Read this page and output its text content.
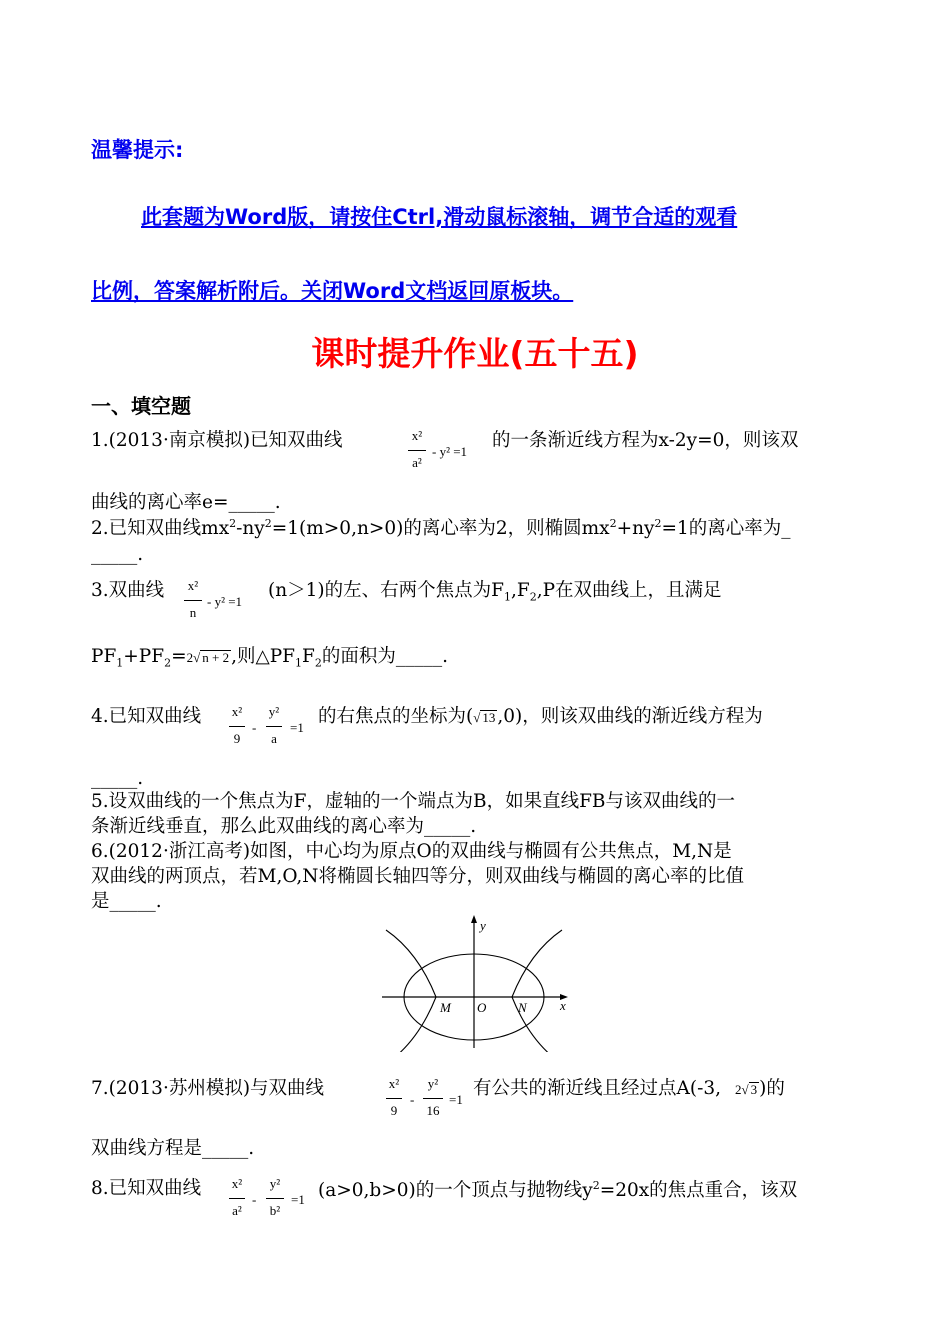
温馨提示:
此套题为Word版，请按住Ctrl,滑动鼠标滚轴，调节合适的观看
比例，答案解析附后。关闭Word文档返回原板块。
课时提升作业(五十五)
一、填空题
1.(2013·南京模拟)已知双曲线	x²
a²
- y² =1
的一条渐近线方程为x-2y=0，则该双
曲线的离心率e=_____.
2.已知双曲线$mx^2-ny^2=1(m>0,n>0)$的离心率为2，则椭圆$mx^2+ny^2=1$的离心率为_
_____.
3.双曲线	x²
n
- y² =1
(n＞1)的左、右两个焦点为$F_1,F_2,P$在双曲线上，且满足
$PF_1+PF_2=2√$ n + 2 ,则$\triangle PF_1F_2$的面积为_____.
4.已知双曲线	x²
9
-
y²
a
=1
的右焦点的坐标为(√ 13 ,0)，则该双曲线的渐近线方程为
_____.
5.设双曲线的一个焦点为F，虚轴的一个端点为B，如果直线FB与该双曲线的一
条渐近线垂直，那么此双曲线的离心率为_____.
6.(2012·浙江高考)如图，中心均为原点O的双曲线与椭圆有公共焦点，M,N是
双曲线的两顶点，若M,O,N将椭圆长轴四等分，则双曲线与椭圆的离心率的比值
是_____.
M O N	x
y
7.(2013·苏州模拟)与双曲线	x²
9
-
y²
16
=1
有公共的渐近线且经过点A(-3, 2√ 3 )的
双曲线方程是_____.
8.已知双曲线	x²
a²
-
y²
b²
=1 (a>0,b>0)的一个顶点与抛物线$y^2=20x$的焦点重合，该双
